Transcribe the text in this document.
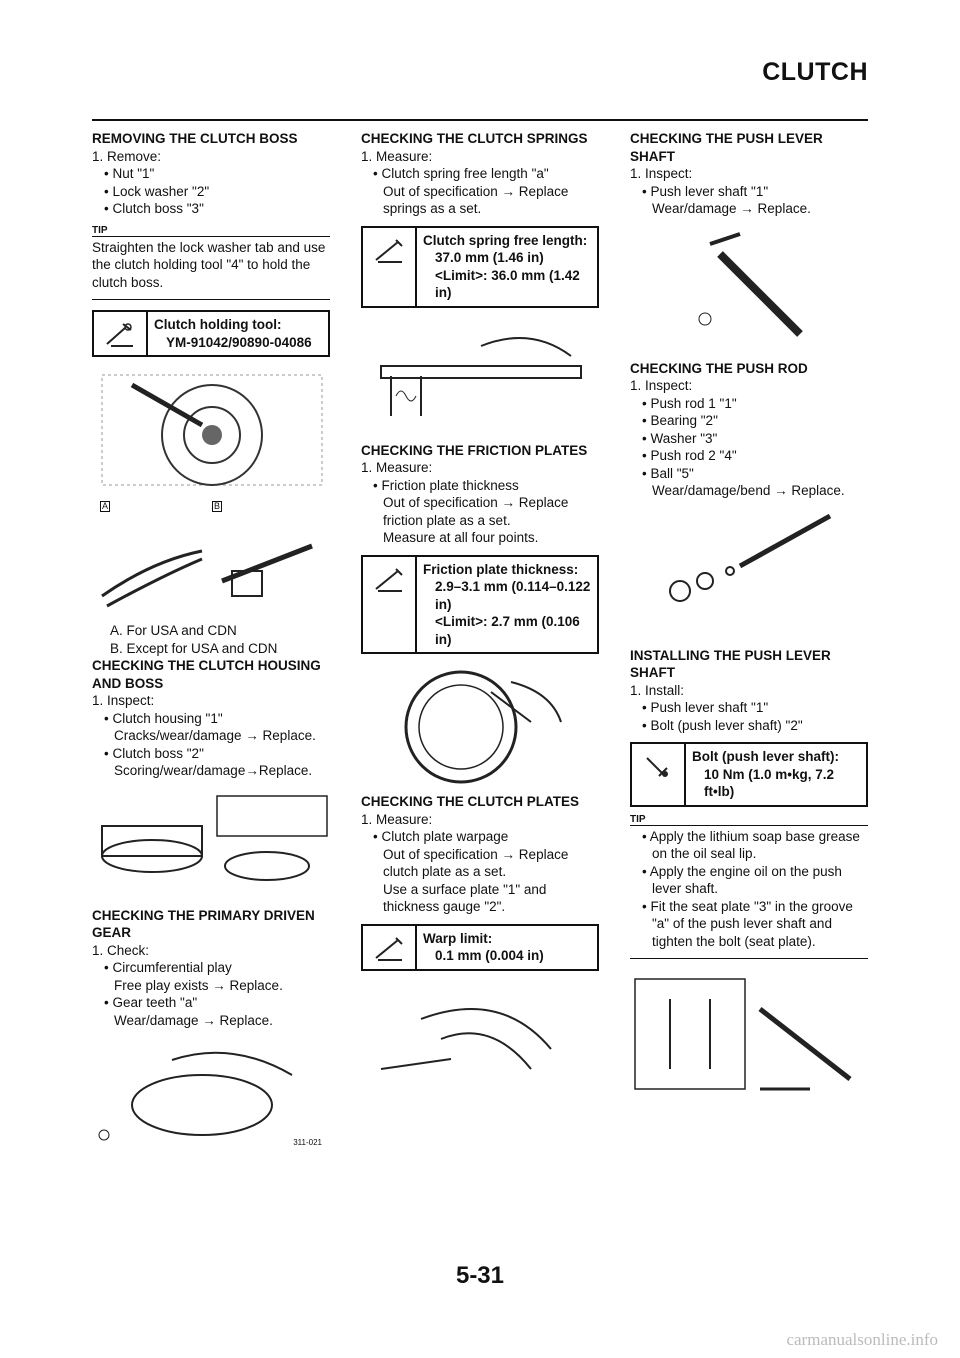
CLUTCH

REMOVING THE CLUTCH BOSS

1. Remove:

• Nut "1"

• Lock washer "2"

• Clutch boss "3"

TIP

Straighten the lock washer tab and use the clutch holding tool "4" to hold the clutch boss.

Clutch holding tool:
YM-91042/90890-04086
A	B

A. For USA and CDN

B. Except for USA and CDN

CHECKING THE CLUTCH HOUSING AND BOSS

1. Inspect:

• Clutch housing "1"

Cracks/wear/damage → Replace.

• Clutch boss "2"

Scoring/wear/damage→Replace.

CHECKING THE PRIMARY DRIVEN GEAR

1. Check:

• Circumferential play

Free play exists → Replace.

• Gear teeth "a"

Wear/damage → Replace.

311-021

CHECKING THE CLUTCH SPRINGS

1. Measure:

• Clutch spring free length "a"

Out of specification → Replace springs as a set.

Clutch spring free length:
37.0 mm (1.46 in)
<Limit>: 36.0 mm (1.42 in)

CHECKING THE FRICTION PLATES

1. Measure:

• Friction plate thickness

Out of specification → Replace friction plate as a set.

Measure at all four points.

Friction plate thickness:
2.9–3.1 mm (0.114–0.122 in)
<Limit>: 2.7 mm (0.106 in)

CHECKING THE CLUTCH PLATES

1. Measure:

• Clutch plate warpage

Out of specification → Replace clutch plate as a set.

Use a surface plate "1" and thickness gauge "2".

Warp limit:
0.1 mm (0.004 in)

CHECKING THE PUSH LEVER SHAFT

1. Inspect:

• Push lever shaft "1"

Wear/damage → Replace.

CHECKING THE PUSH ROD

1. Inspect:

• Push rod 1 "1"

• Bearing "2"

• Washer "3"

• Push rod 2 "4"

• Ball "5"

Wear/damage/bend → Replace.

INSTALLING THE PUSH LEVER SHAFT

1. Install:

• Push lever shaft "1"

• Bolt (push lever shaft) "2"

Bolt (push lever shaft):
10 Nm (1.0 m•kg, 7.2 ft•lb)
TIP

• Apply the lithium soap base grease on the oil seal lip.

• Apply the engine oil on the push lever shaft.

• Fit the seat plate "3" in the groove "a" of the push lever shaft and tighten the bolt (seat plate).

5-31
carmanualsonline.info
